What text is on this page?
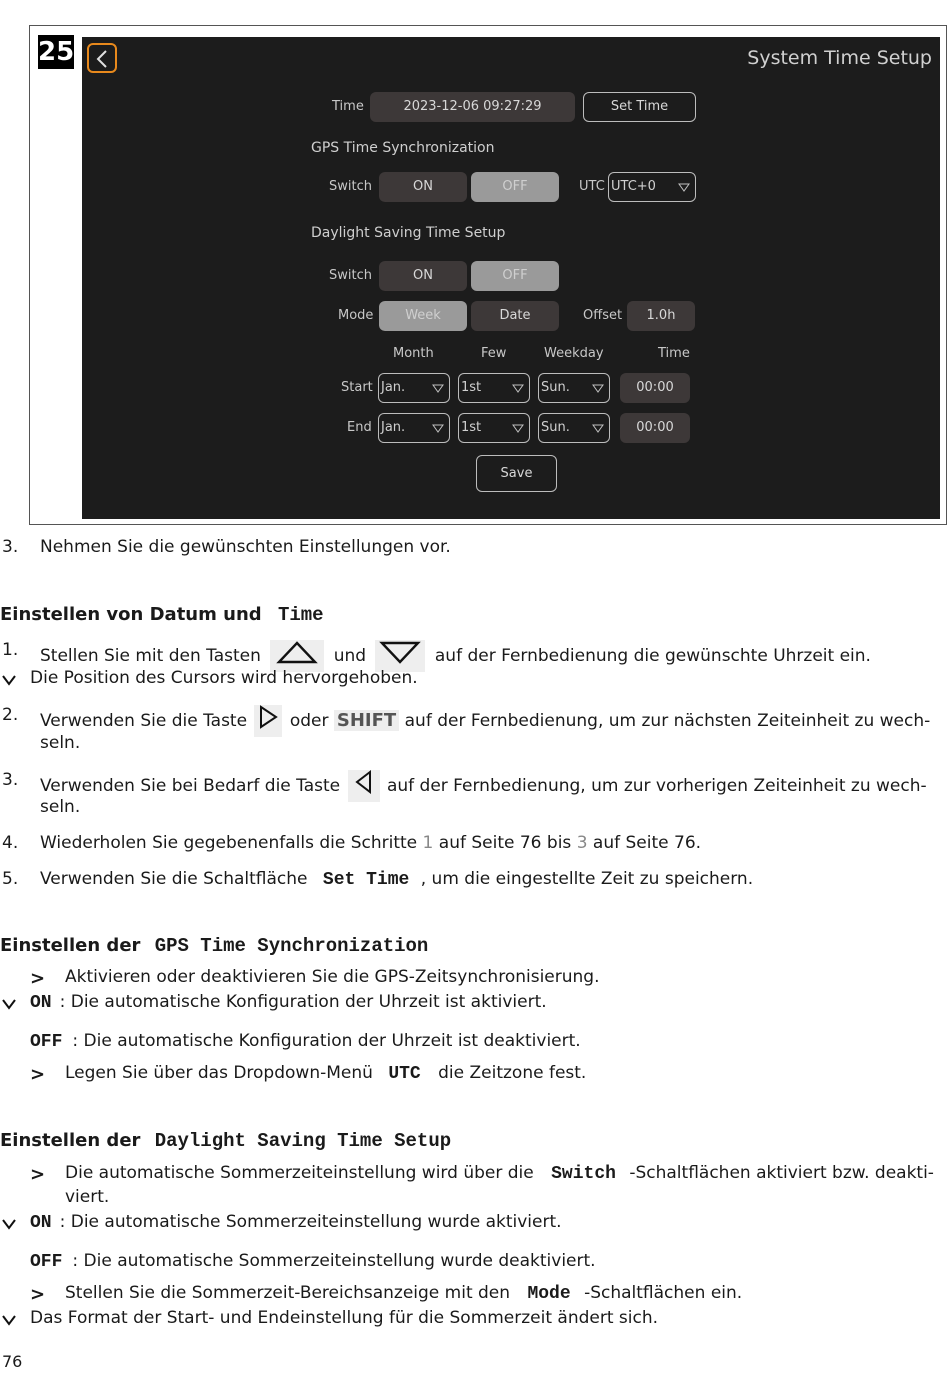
25	System Time Setup
Time	2023-12-06 09:27:29	Set Time
GPS Time Synchronization
Switch	ON	OFF	UTC UTC+0
Daylight Saving Time Setup
Switch	ON	OFF
Mode	Week	Date	Offset	1.0h
Month	Few	Weekday	Time
Start Jan.	1st	Sun.	00:00
End Jan.	1st	Sun.	00:00
Save
3. Nehmen Sie die gewünschten Einstellungen vor.
Einstellen von Datum und Time
1. Stellen Sie mit den Tasten	und	auf der Fernbedienung die gewünschte Uhrzeit ein.
Die Position des Cursors wird hervorgehoben.
2. Verwenden Sie die Taste	oder SHIFT auf der Fernbedienung, um zur nächsten Zeiteinheit zu wech-
seln.
3. Verwenden Sie bei Bedarf die Taste	auf der Fernbedienung, um zur vorherigen Zeiteinheit zu wech-
seln.
4. Wiederholen Sie gegebenenfalls die Schritte 1 auf Seite 76 bis 3 auf Seite 76.
5. Verwenden Sie die Schaltfläche Set Time , um die eingestellte Zeit zu speichern.
Einstellen der GPS Time Synchronization
> Aktivieren oder deaktivieren Sie die GPS-Zeitsynchronisierung.
ON : Die automatische Konfiguration der Uhrzeit ist aktiviert.
OFF : Die automatische Konfiguration der Uhrzeit ist deaktiviert.
> Legen Sie über das Dropdown-Menü UTC die Zeitzone fest.
Einstellen der Daylight Saving Time Setup
> Die automatische Sommerzeiteinstellung wird über die Switch -Schaltflächen aktiviert bzw. deakti-
viert.
ON : Die automatische Sommerzeiteinstellung wurde aktiviert.
OFF : Die automatische Sommerzeiteinstellung wurde deaktiviert.
> Stellen Sie die Sommerzeit-Bereichsanzeige mit den Mode -Schaltflächen ein.
Das Format der Start- und Endeinstellung für die Sommerzeit ändert sich.
76
